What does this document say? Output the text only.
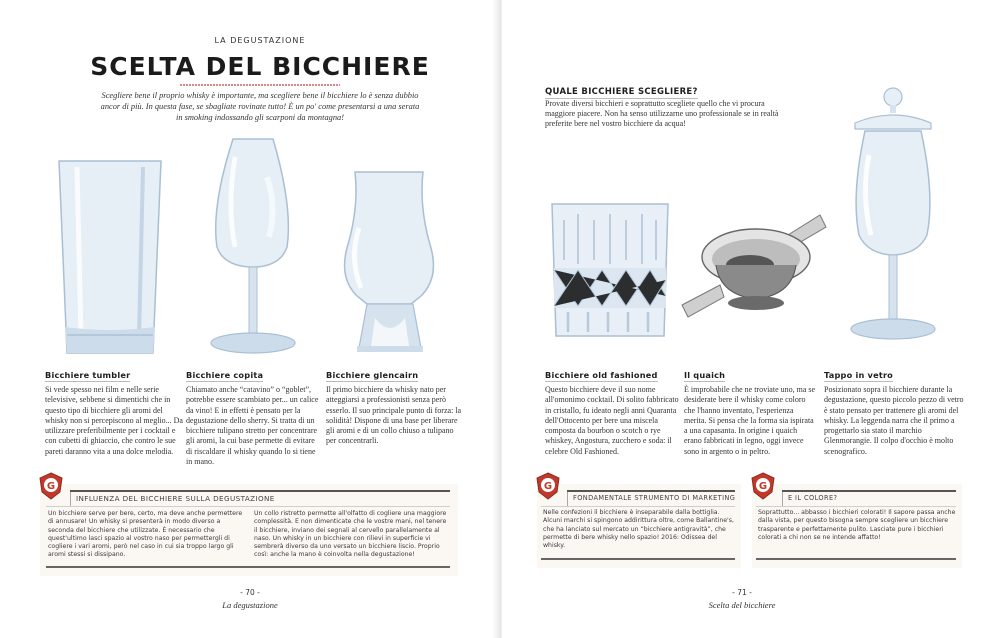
LA DEGUSTAZIONE
SCELTA DEL BICCHIERE
Scegliere bene il proprio whisky è importante, ma scegliere bene il bicchiere lo è senza dubbio ancor di più. In questa fase, se sbagliate rovinate tutto! È un po' come presentarsi a una serata in smoking indossando gli scarponi da montagna!
Bicchiere tumbler

Si vede spesso nei film e nelle serie televisive, sebbene si dimentichi che in questo tipo di bicchiere gli aromi del whisky non si percepiscono al meglio... Da utilizzare preferibilmente per i cocktail e con cubetti di ghiaccio, che contro le sue pareti daranno vita a una dolce melodia.

Bicchiere copita

Chiamato anche “catavino” o “goblet”, potrebbe essere scambiato per... un calice da vino! E in effetti è pensato per la degustazione dello sherry. Si tratta di un bicchiere tulipano stretto per concentrare gli aromi, la cui base permette di evitare di riscaldare il whisky quando lo si tiene in mano.

Bicchiere glencairn

Il primo bicchiere da whisky nato per atteggiarsi a professionisti senza però esserlo. Il suo principale punto di forza: la solidità! Dispone di una base per liberare gli aromi e di un collo chiuso a tulipano per concentrarli.

G
INFLUENZA DEL BICCHIERE SULLA DEGUSTAZIONE
Un bicchiere serve per bere, certo, ma deve anche permettere di annusare! Un whisky si presenterà in modo diverso a seconda del bicchiere che utilizzate. È necessario che quest'ultimo lasci spazio al vostro naso per permettergli di cogliere i vari aromi, però nel caso in cui sia troppo largo gli aromi stessi si dissipano.
Un collo ristretto permette all'olfatto di cogliere una maggiore complessità. E non dimenticate che le vostre mani, nel tenere il bicchiere, inviano dei segnali al cervello parallelamente al naso. Un whisky in un bicchiere con rilievi in superficie vi sembrerà diverso da uno versato un bicchiere liscio. Proprio così: anche la mano è coinvolta nella degustazione!
- 70 -
La degustazione
QUALE BICCHIERE SCEGLIERE?
Provate diversi bicchieri e soprattutto scegliete quello che vi procura maggiore piacere. Non ha senso utilizzarne uno professionale se in realtà preferite bere nel vostro bicchiere da acqua!
Bicchiere old fashioned

Questo bicchiere deve il suo nome all'omonimo cocktail. Di solito fabbricato in cristallo, fu ideato negli anni Quaranta dell'Ottocento per bere una miscela composta da bourbon o scotch o rye whiskey, Angostura, zucchero e soda: il celebre Old Fashioned.

Il quaich

È improbabile che ne troviate uno, ma se desiderate bere il whisky come coloro che l'hanno inventato, l'esperienza merita. Si pensa che la forma sia ispirata a una capasanta. In origine i quaich erano fabbricati in legno, oggi invece sono in argento o in peltro.

Tappo in vetro

Posizionato sopra il bicchiere durante la degustazione, questo piccolo pezzo di vetro è stato pensato per trattenere gli aromi del whisky. La leggenda narra che il primo a progettarlo sia stato il marchio Glenmorangie. Il colpo d'occhio è molto scenografico.

G
FONDAMENTALE STRUMENTO DI MARKETING
Nelle confezioni il bicchiere è inseparabile dalla bottiglia. Alcuni marchi si spingono addirittura oltre, come Ballantine's, che ha lanciato sul mercato un “bicchiere antigravità”, che permette di bere whisky nello spazio! 2016: Odissea del whisky.
G
E IL COLORE?
Soprattutto... abbasso i bicchieri colorati! Il sapore passa anche dalla vista, per questo bisogna sempre scegliere un bicchiere trasparente e perfettamente pulito. Lasciate pure i bicchieri colorati a chi non se ne intende affatto!
- 71 -
Scelta del bicchiere
